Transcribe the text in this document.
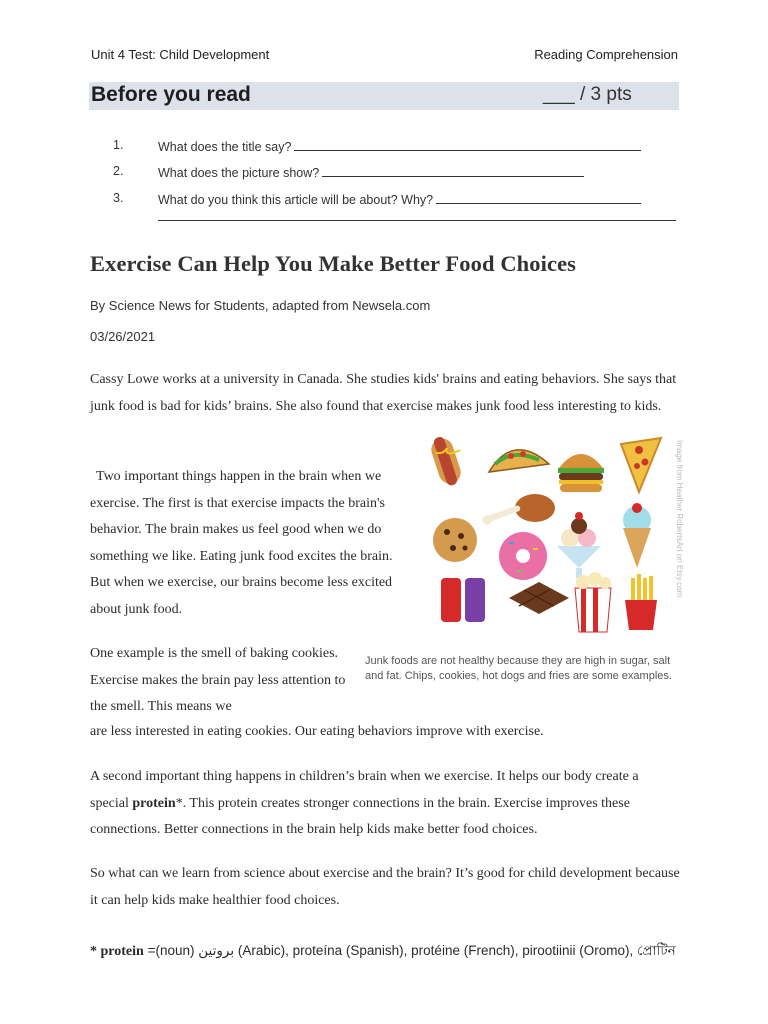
Unit 4 Test: Child Development	Reading Comprehension
Before you read	___ / 3 pts
1.	What does the title say?
2.	What does the picture show?
3.	What do you think this article will be about? Why?
Exercise Can Help You Make Better Food Choices
By Science News for Students, adapted from Newsela.com
03/26/2021
Cassy Lowe works at a university in Canada. She studies kids' brains and eating behaviors. She says that junk food is bad for kids’ brains. She also found that exercise makes junk food less interesting to kids.
Two important things happen in the brain when we exercise. The first is that exercise impacts the brain's behavior. The brain makes us feel good when we do something we like. Eating junk food excites the brain. But when we exercise, our brains become less excited about junk food.
One example is the smell of baking cookies. Exercise makes the brain pay less attention to the smell. This means we
are less interested in eating cookies. Our eating behaviors improve with exercise.
A second important thing happens in children’s brain when we exercise. It helps our body create a special protein*. This protein creates stronger connections in the brain. Exercise improves these connections. Better connections in the brain help kids make better food choices.
So what can we learn from science about exercise and the brain? It’s good for child development because it can help kids make healthier food choices.
Image from Heather RobertsArt on Etsy.com
Junk foods are not healthy because they are high in sugar, salt and fat. Chips, cookies, hot dogs and fries are some examples.
* protein =(noun) بروتين (Arabic), proteína (Spanish), protéine (French), pirootiinii (Oromo), প্রোটিন
